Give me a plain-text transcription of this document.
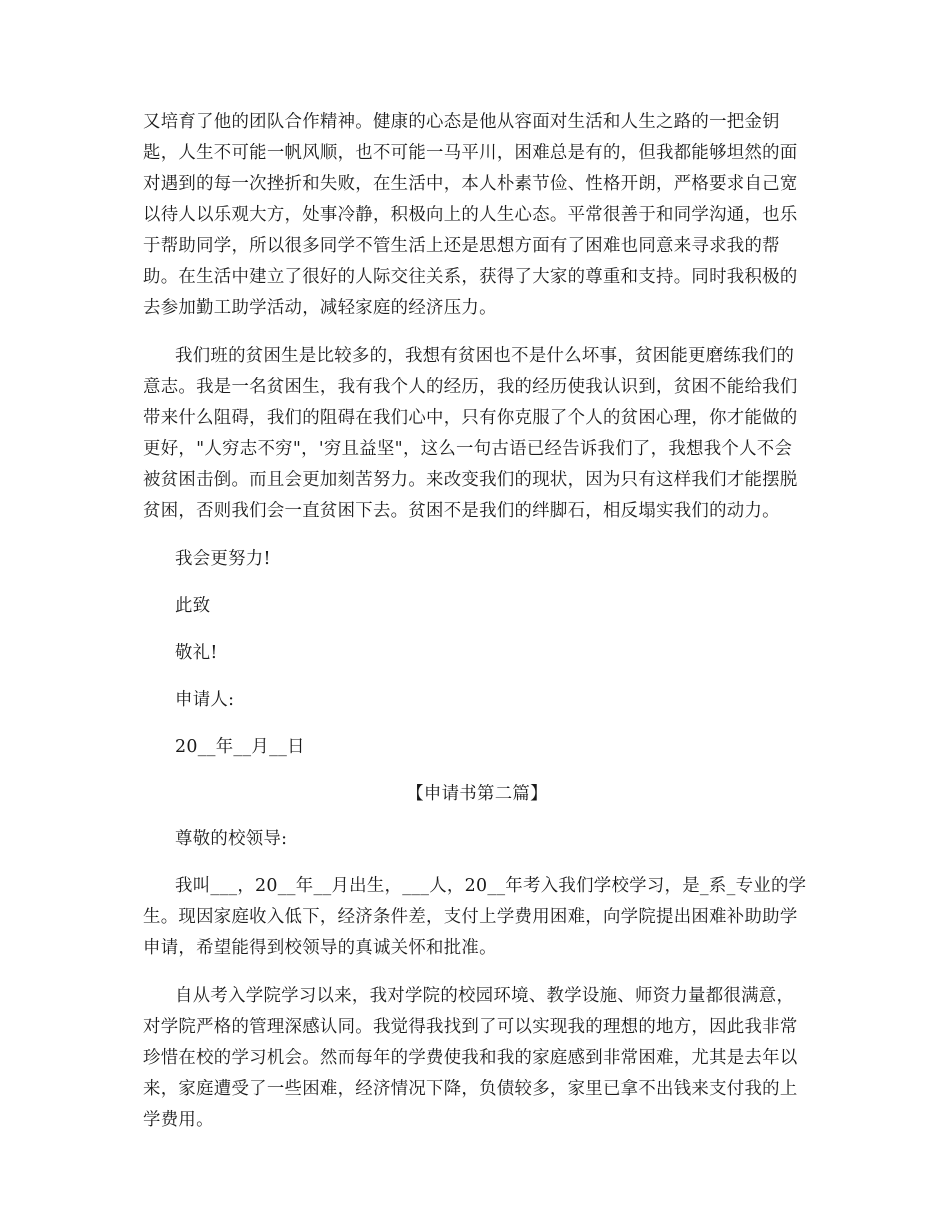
又培育了他的团队合作精神。健康的心态是他从容面对生活和人生之路的一把金钥
匙，人生不可能一帆风顺，也不可能一马平川，困难总是有的，但我都能够坦然的面
对遇到的每一次挫折和失败，在生活中，本人朴素节俭、性格开朗，严格要求自己宽
以待人以乐观大方，处事冷静，积极向上的人生心态。平常很善于和同学沟通，也乐
于帮助同学，所以很多同学不管生活上还是思想方面有了困难也同意来寻求我的帮
助。在生活中建立了很好的人际交往关系，获得了大家的尊重和支持。同时我积极的
去参加勤工助学活动，减轻家庭的经济压力。
我们班的贫困生是比较多的，我想有贫困也不是什么坏事，贫困能更磨练我们的
意志。我是一名贫困生，我有我个人的经历，我的经历使我认识到，贫困不能给我们
带来什么阻碍，我们的阻碍在我们心中，只有你克服了个人的贫困心理，你才能做的
更好，"人穷志不穷"，'穷且益坚"，这么一句古语已经告诉我们了，我想我个人不会
被贫困击倒。而且会更加刻苦努力。来改变我们的现状，因为只有这样我们才能摆脱
贫困，否则我们会一直贫困下去。贫困不是我们的绊脚石，相反塌实我们的动力。
我会更努力!
此致
敬礼!
申请人:
20__年__月__日
【申请书第二篇】
尊敬的校领导:
我叫___，20__年__月出生，___人，20__年考入我们学校学习，是_系_专业的学
生。现因家庭收入低下，经济条件差，支付上学费用困难，向学院提出困难补助助学
申请，希望能得到校领导的真诚关怀和批准。
自从考入学院学习以来，我对学院的校园环境、教学设施、师资力量都很满意，
对学院严格的管理深感认同。我觉得我找到了可以实现我的理想的地方，因此我非常
珍惜在校的学习机会。然而每年的学费使我和我的家庭感到非常困难，尤其是去年以
来，家庭遭受了一些困难，经济情况下降，负债较多，家里已拿不出钱来支付我的上
学费用。
